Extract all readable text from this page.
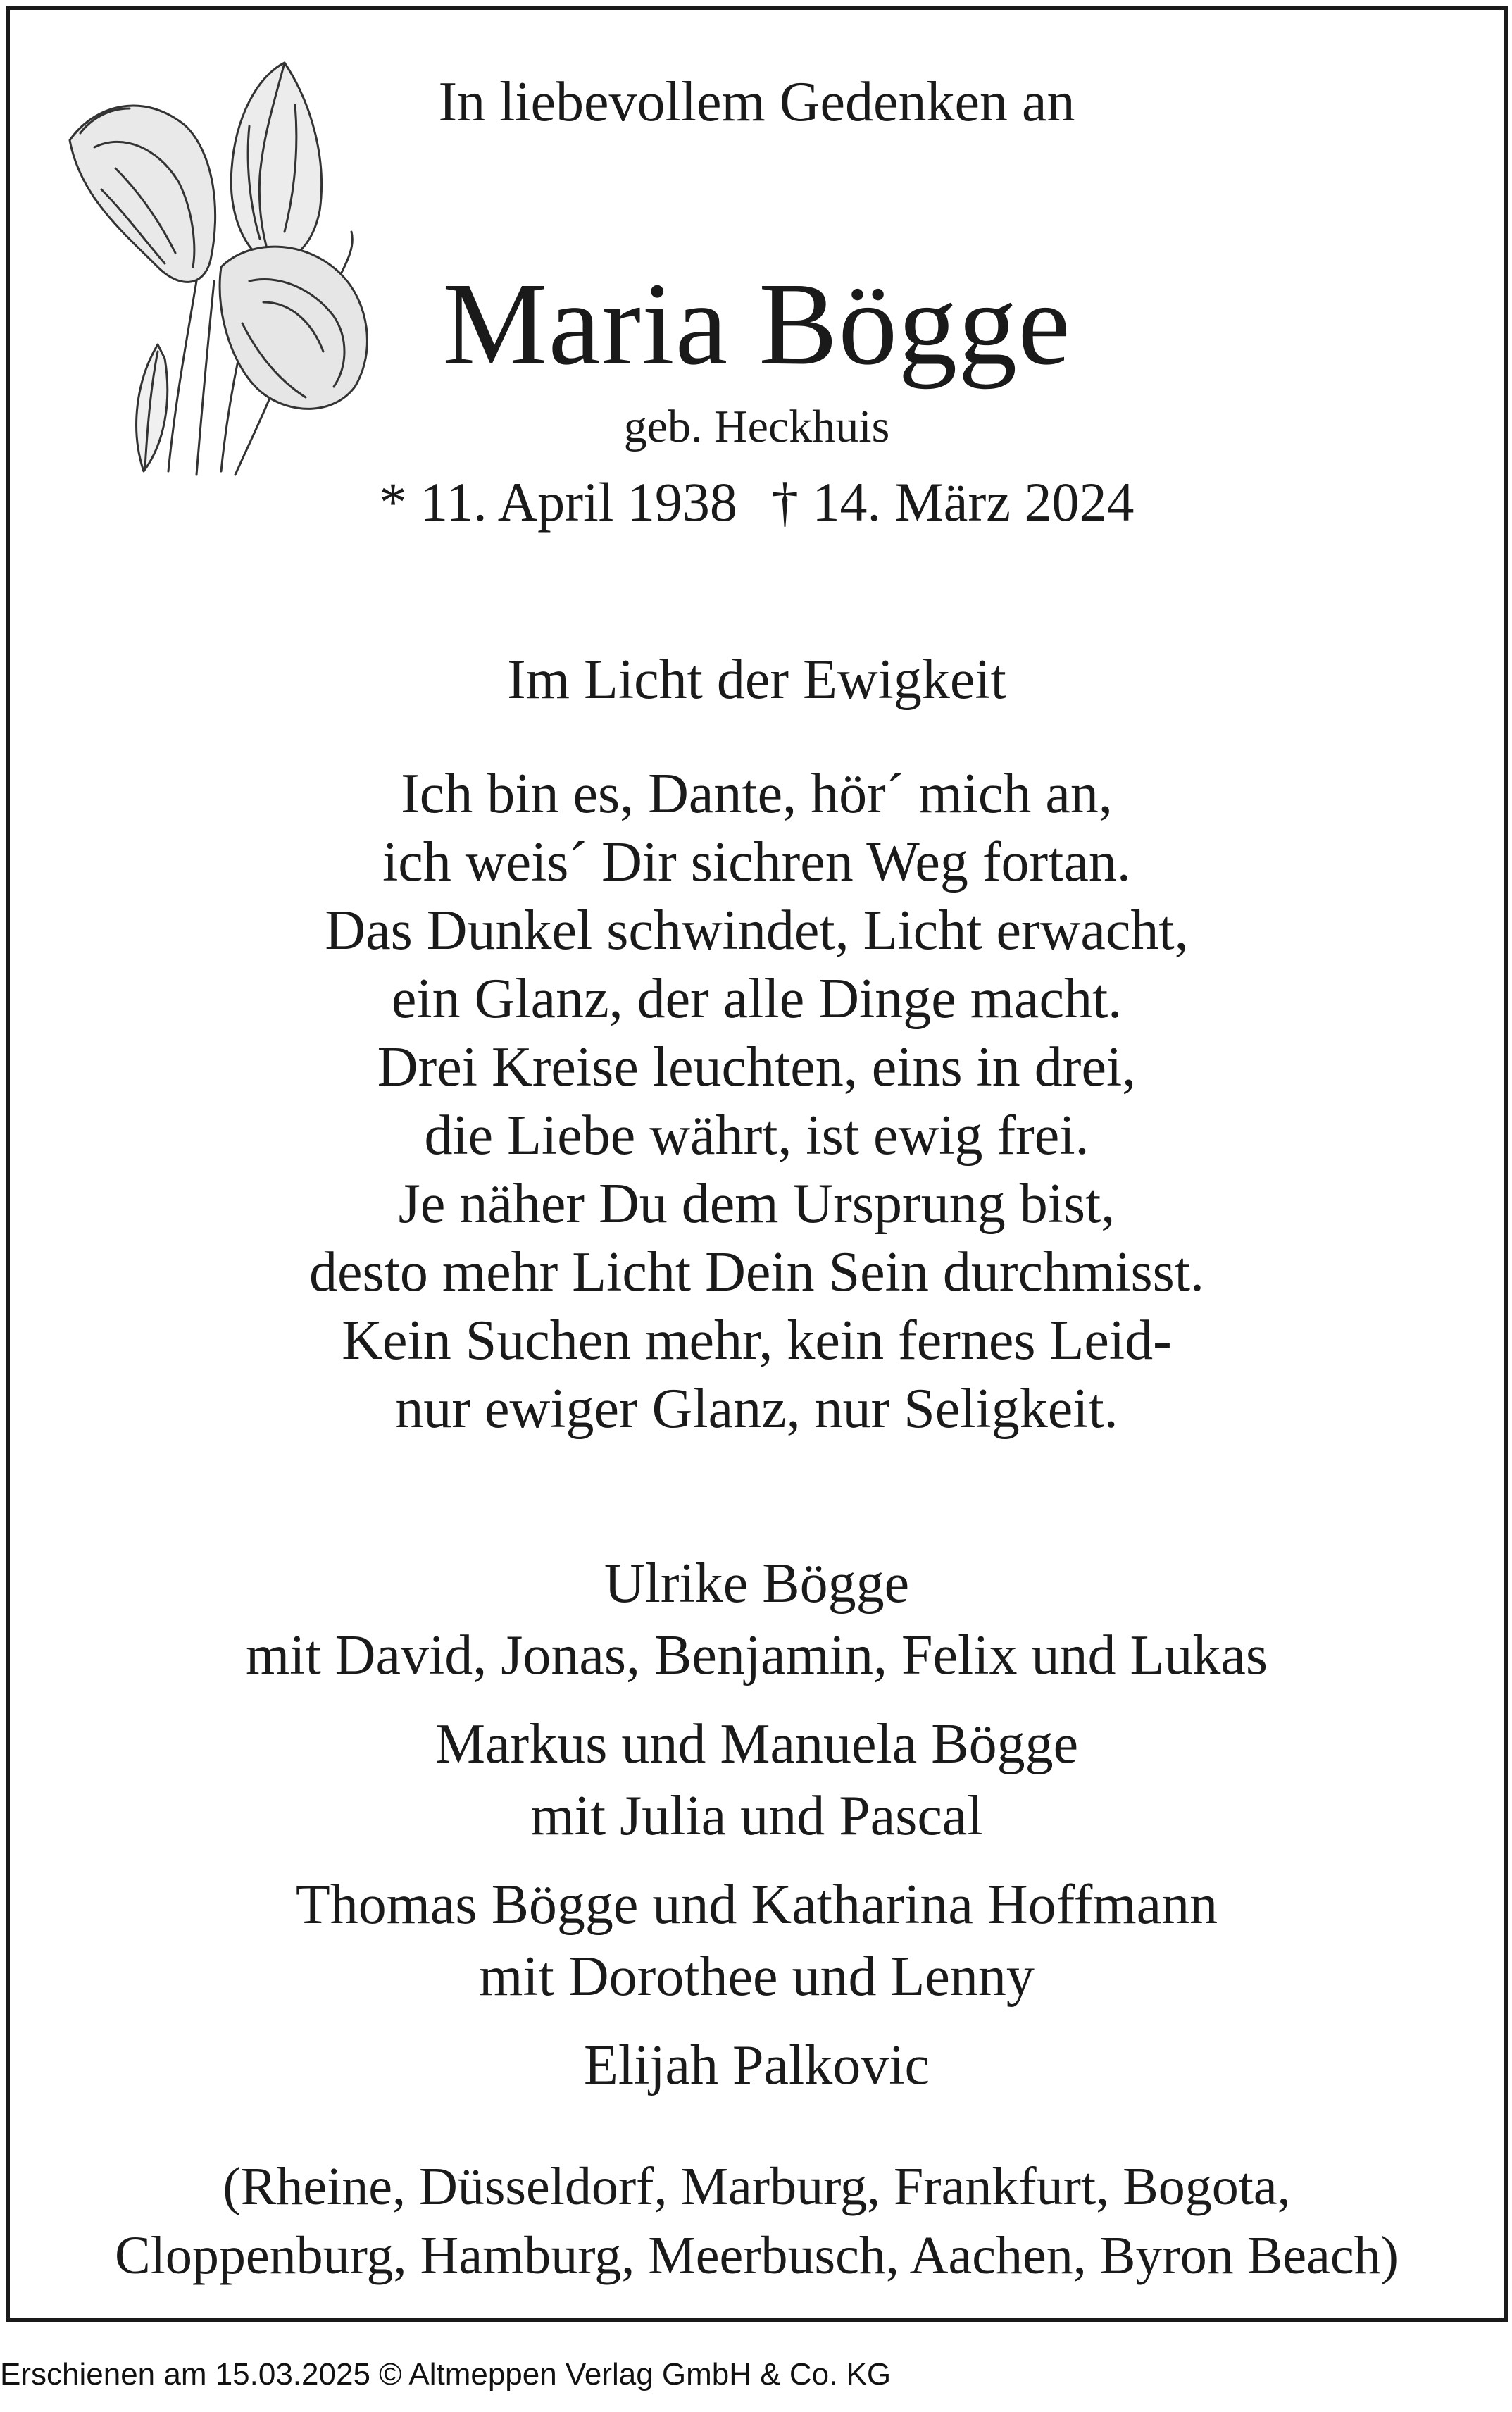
In liebevollem Gedenken an
Maria Bögge
geb. Heckhuis
* 11. April 1938 † 14. März 2024
Im Licht der Ewigkeit
Ich bin es, Dante, hör´ mich an,
ich weis´ Dir sichren Weg fortan.
Das Dunkel schwindet, Licht erwacht,
ein Glanz, der alle Dinge macht.
Drei Kreise leuchten, eins in drei,
die Liebe währt, ist ewig frei.
Je näher Du dem Ursprung bist,
desto mehr Licht Dein Sein durchmisst.
Kein Suchen mehr, kein fernes Leid-
nur ewiger Glanz, nur Seligkeit.
Ulrike Bögge
mit David, Jonas, Benjamin, Felix und Lukas
Markus und Manuela Bögge
mit Julia und Pascal
Thomas Bögge und Katharina Hoffmann
mit Dorothee und Lenny
Elijah Palkovic
(Rheine, Düsseldorf, Marburg, Frankfurt, Bogota,
Cloppenburg, Hamburg, Meerbusch, Aachen, Byron Beach)
Erschienen am 15.03.2025 © Altmeppen Verlag GmbH & Co. KG
